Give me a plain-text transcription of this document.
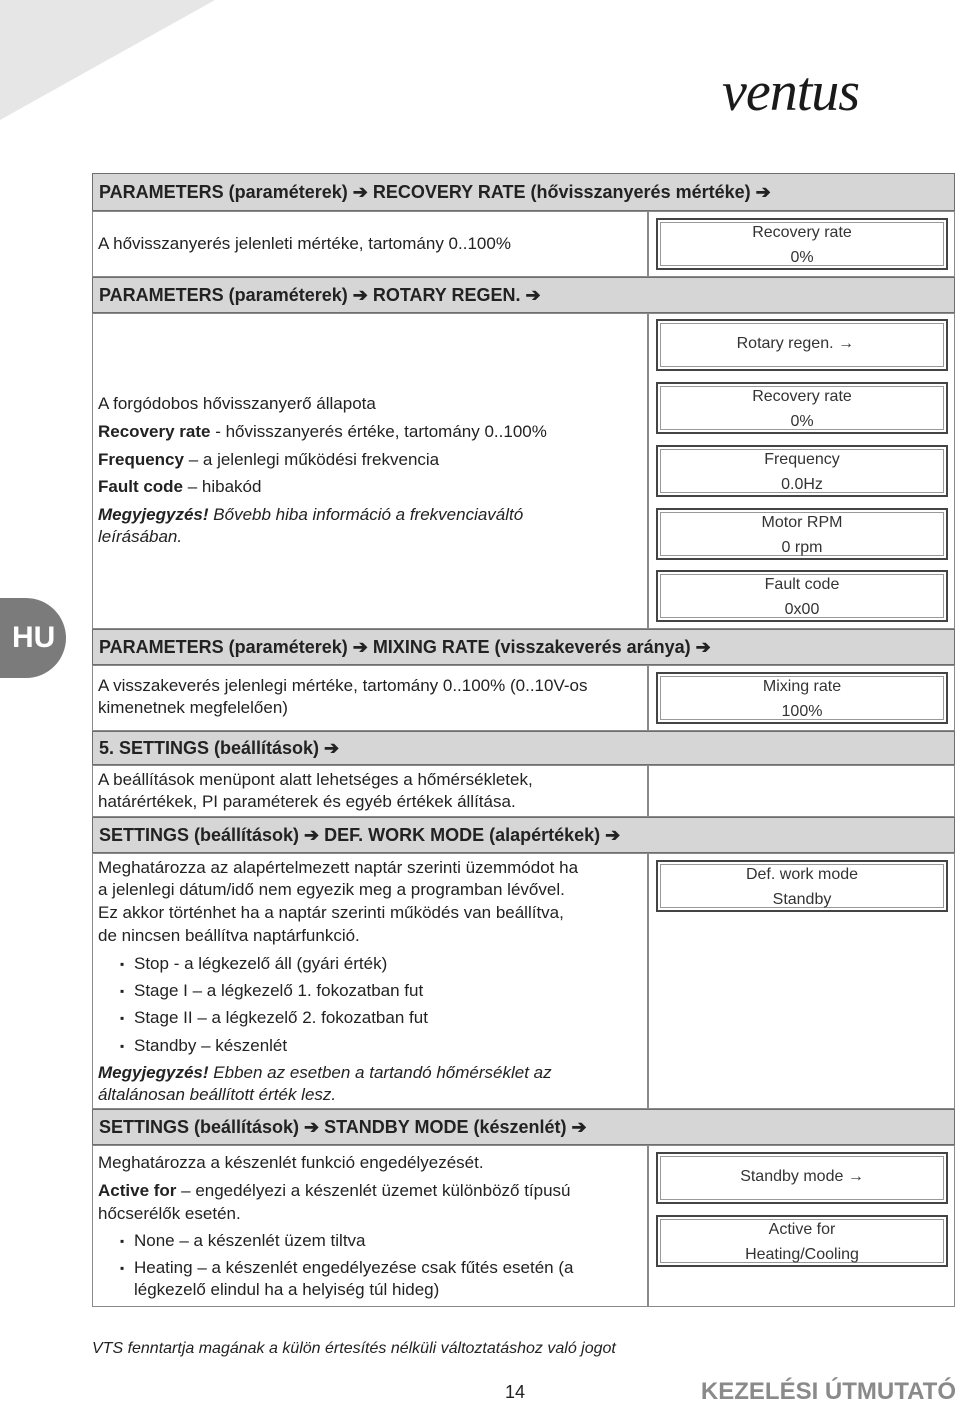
ventus
HU
PARAMETERS (paraméterek) ➔ RECOVERY RATE (hővisszanyerés mértéke) ➔
A hővisszanyerés jelenleti mértéke, tartomány 0..100%
Recovery rate
0%
PARAMETERS (paraméterek) ➔ ROTARY REGEN. ➔
Rotary regen. →
A forgódobos hővisszanyerő állapota
Recovery rate - hővisszanyerés értéke, tartomány 0..100%
Frequency – a jelenlegi működési frekvencia
Fault code – hibakód
Megyjegyzés! Bővebb hiba információ a frekvenciaváltó
leírásában.
Recovery rate
0%
Frequency
0.0Hz
Motor RPM
0 rpm
Fault code
0x00
PARAMETERS (paraméterek) ➔ MIXING RATE (visszakeverés aránya) ➔
A visszakeverés jelenlegi mértéke, tartomány 0..100% (0..10V-os
kimenetnek megfelelően)
Mixing rate
100%
5. SETTINGS (beállítások) ➔
A beállítások menüpont alatt lehetséges a hőmérsékletek,
határértékek, PI paraméterek és egyéb értékek állítása.
SETTINGS (beállítások) ➔ DEF. WORK MODE (alapértékek) ➔
Meghatározza az alapértelmezett naptár szerinti üzemmódot ha
a jelenlegi dátum/idő nem egyezik meg a programban lévővel.
Ez akkor történhet ha a naptár szerinti működés van beállítva,
de nincsen beállítva naptárfunkció.
▪ Stop - a légkezelő áll (gyári érték)
▪ Stage I – a légkezelő 1. fokozatban fut
▪ Stage II – a légkezelő 2. fokozatban fut
▪ Standby – készenlét
Megyjegyzés! Ebben az esetben a tartandó hőmérséklet az
általánosan beállított érték lesz.
Def. work mode
Standby
SETTINGS (beállítások) ➔ STANDBY MODE (készenlét) ➔
Meghatározza a készenlét funkció engedélyezését.
Active for – engedélyezi a készenlét üzemet különböző típusú
hőcserélők esetén.
▪ None – a készenlét üzem tiltva
▪ Heating – a készenlét engedélyezése csak fűtés esetén (a
légkezelő elindul ha a helyiség túl hideg)
Standby mode →
Active for
Heating/Cooling
VTS fenntartja magának a külön értesítés nélküli változtatáshoz való jogot
14	KEZELÉSI ÚTMUTATÓ
